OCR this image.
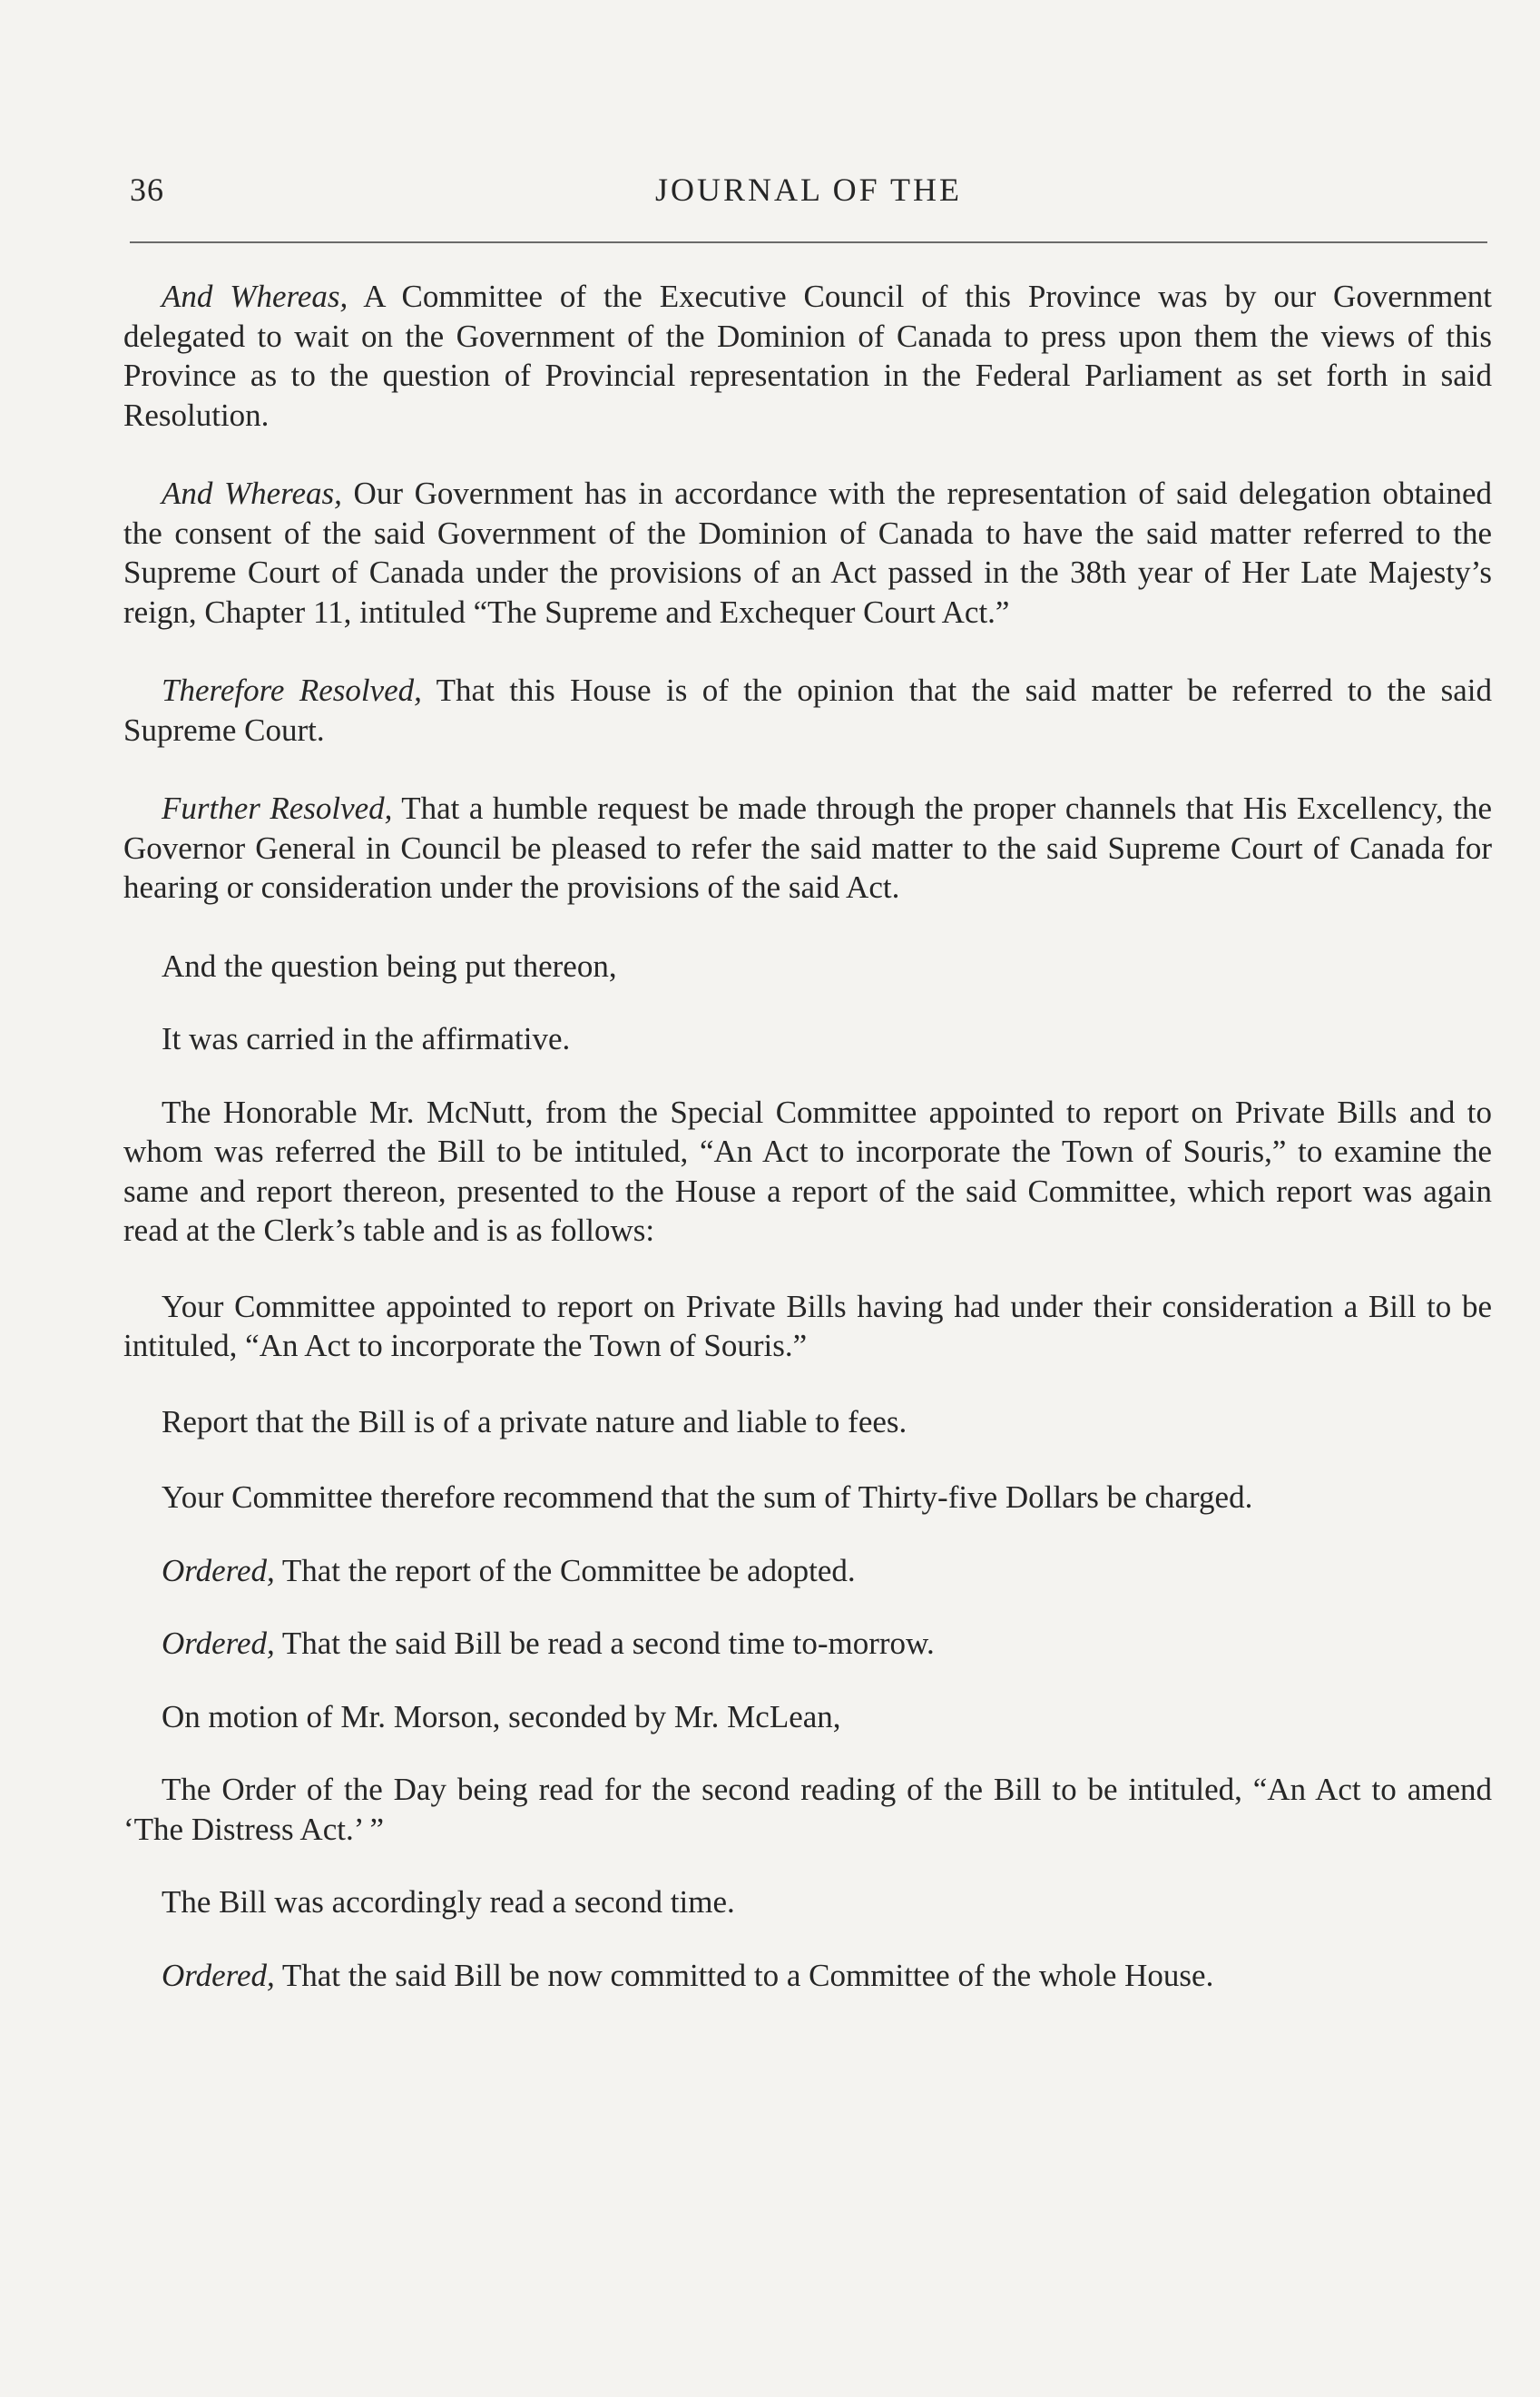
36	JOURNAL OF THE

And Whereas, A Committee of the Executive Council of this Province was by our Government delegated to wait on the Government of the Dominion of Canada to press upon them the views of this Province as to the question of Provincial representation in the Federal Parliament as set forth in said Resolution.

And Whereas, Our Government has in accordance with the representation of said delegation obtained the consent of the said Government of the Dominion of Canada to have the said matter referred to the Supreme Court of Canada under the provisions of an Act passed in the 38th year of Her Late Majesty’s reign, Chapter 11, intituled “The Supreme and Exchequer Court Act.”

Therefore Resolved, That this House is of the opinion that the said matter be referred to the said Supreme Court.

Further Resolved, That a humble request be made through the proper channels that His Excellency, the Governor General in Council be pleased to refer the said matter to the said Supreme Court of Canada for hearing or consideration under the provisions of the said Act.

And the question being put thereon,

It was carried in the affirmative.

The Honorable Mr. McNutt, from the Special Committee appointed to report on Private Bills and to whom was referred the Bill to be intituled, “An Act to incorporate the Town of Souris,” to examine the same and report thereon, presented to the House a report of the said Committee, which report was again read at the Clerk’s table and is as follows:

Your Committee appointed to report on Private Bills having had under their consideration a Bill to be intituled, “An Act to incorporate the Town of Souris.”

Report that the Bill is of a private nature and liable to fees.

Your Committee therefore recommend that the sum of Thirty-five Dollars be charged.

Ordered, That the report of the Committee be adopted.

Ordered, That the said Bill be read a second time to-morrow.

On motion of Mr. Morson, seconded by Mr. McLean,

The Order of the Day being read for the second reading of the Bill to be intituled, “An Act to amend ‘The Distress Act.’ ”

The Bill was accordingly read a second time.

Ordered, That the said Bill be now committed to a Committee of the whole House.
